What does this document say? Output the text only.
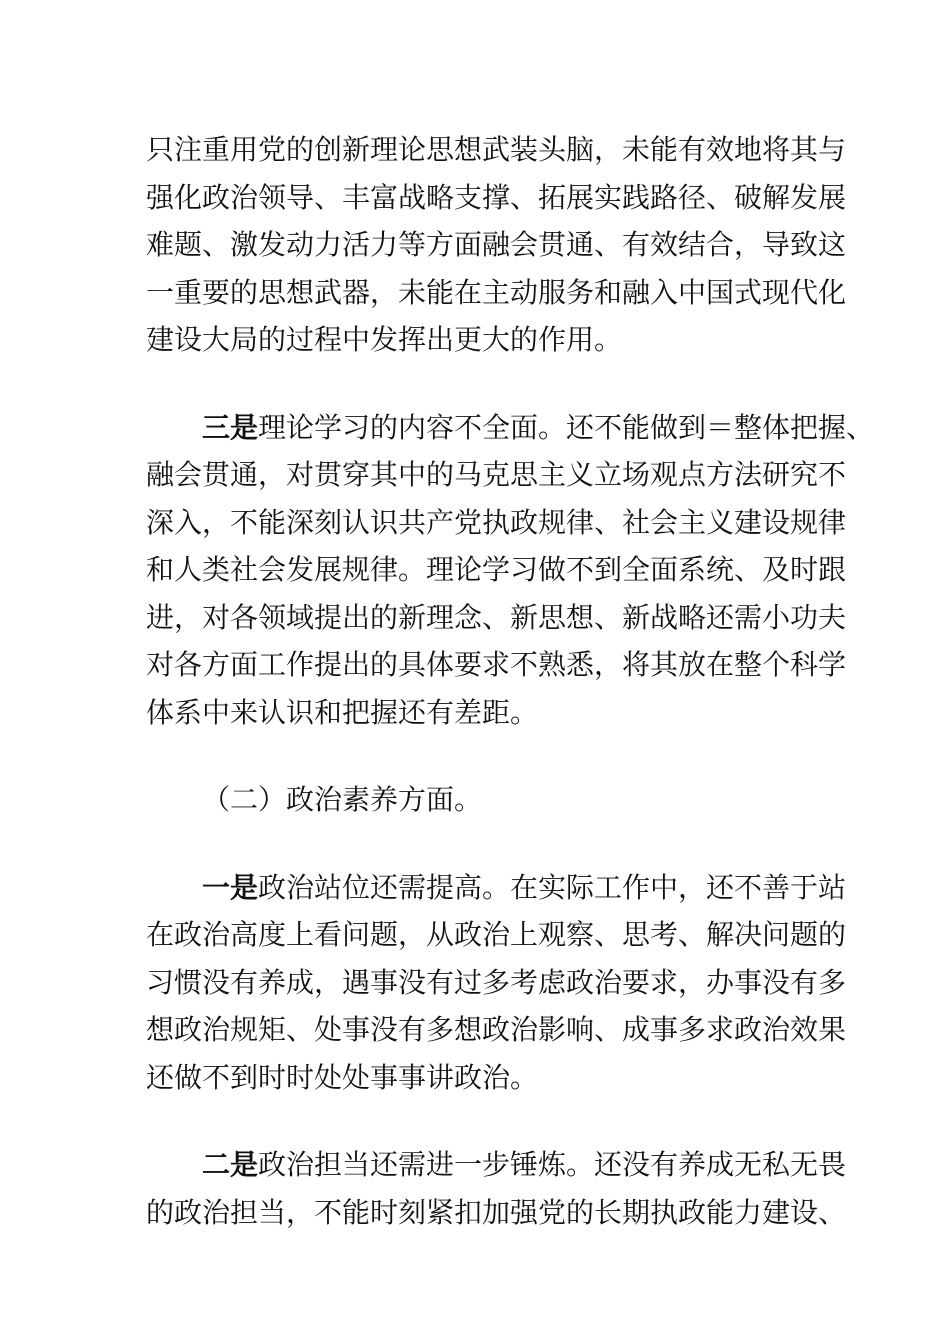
只注重用党的创新理论思想武装头脑，未能有效地将其与
强化政治领导、丰富战略支撑、拓展实践路径、破解发展
难题、激发动力活力等方面融会贯通、有效结合，导致这
一重要的思想武器，未能在主动服务和融入中国式现代化
建设大局的过程中发挥出更大的作用。

三是理论学习的内容不全面。还不能做到＝整体把握、
融会贯通，对贯穿其中的马克思主义立场观点方法研究不
深入，不能深刻认识共产党执政规律、社会主义建设规律
和人类社会发展规律。理论学习做不到全面系统、及时跟
进，对各领域提出的新理念、新思想、新战略还需小功夫
对各方面工作提出的具体要求不熟悉，将其放在整个科学
体系中来认识和把握还有差距。

（二）政治素养方面。

一是政治站位还需提高。在实际工作中，还不善于站
在政治高度上看问题，从政治上观察、思考、解决问题的
习惯没有养成，遇事没有过多考虑政治要求，办事没有多
想政治规矩、处事没有多想政治影响、成事多求政治效果
还做不到时时处处事事讲政治。

二是政治担当还需进一步锤炼。还没有养成无私无畏
的政治担当，不能时刻紧扣加强党的长期执政能力建设、
